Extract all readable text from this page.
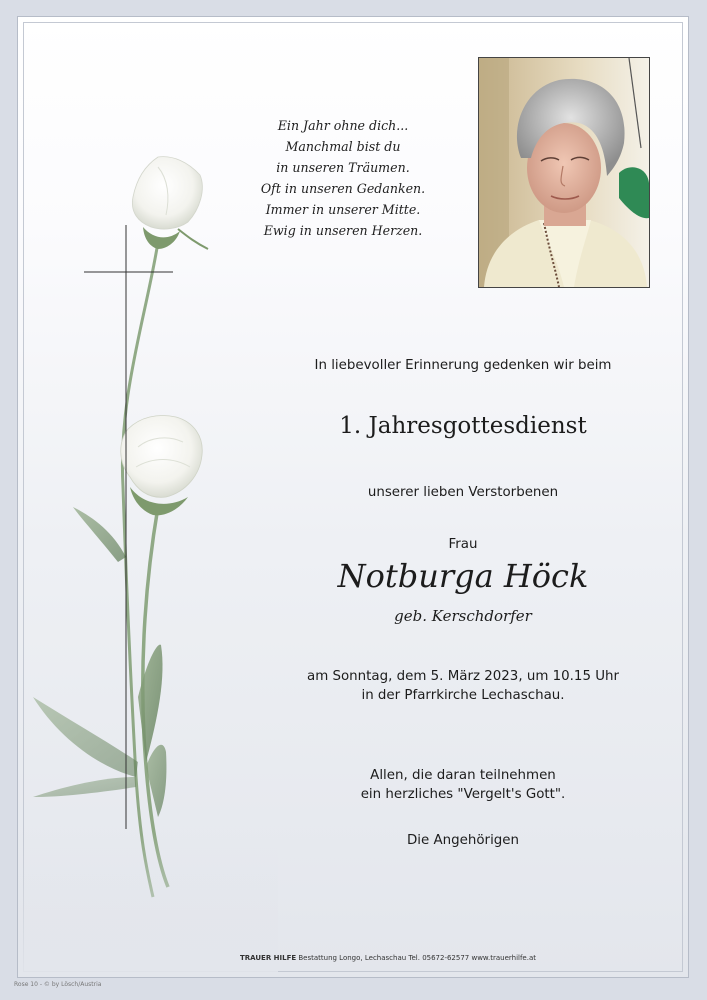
Ein Jahr ohne dich...
Manchmal bist du
in unseren Träumen.
Oft in unseren Gedanken.
Immer in unserer Mitte.
Ewig in unseren Herzen.
In liebevoller Erinnerung gedenken wir beim
1. Jahresgottesdienst
unserer lieben Verstorbenen
Frau
Notburga Höck
geb. Kerschdorfer
am Sonntag, dem 5. März 2023, um 10.15 Uhr
in der Pfarrkirche Lechaschau.
Allen, die daran teilnehmen
ein herzliches "Vergelt's Gott".
Die Angehörigen
TRAUER HILFE Bestattung Longo, Lechaschau Tel. 05672-62577 www.trauerhilfe.at
Rose 10 - © by Lösch/Austria
